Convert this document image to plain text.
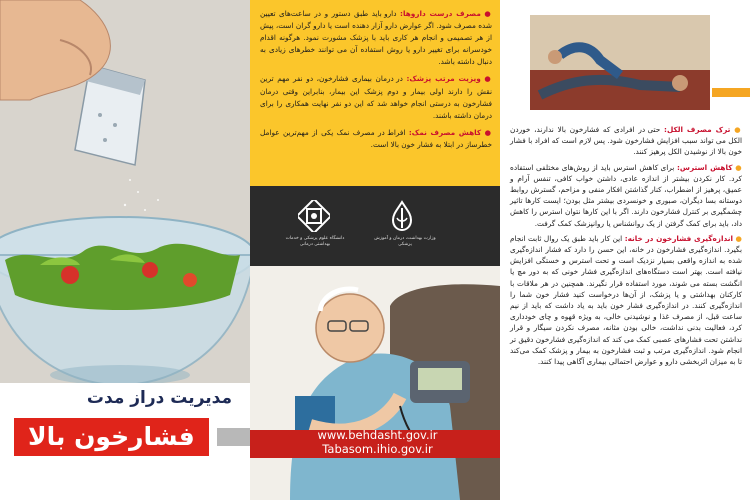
مدیریت دراز مدت
فشارخون بالا

● مصرف درست داروها: دارو باید طبق دستور و در ساعت‌های تعیین شده مصرف شود. اگر عوارض دارو آزار دهنده است یا دارو گران است، پیش از هر تصمیمی و انجام هر کاری باید با پزشک مشورت نمود. هرگونه اقدام خودسرانه برای تغییر دارو یا روش استفاده آن می توانند خطرهای زیادی به دنبال داشته باشد.

● ویزیت مرتب پزشک: در درمان بیماری فشارخون، دو نفر مهم ترین نقش را دارند اولی بیمار و دوم پزشک این بیمار، بنابراین وقتی درمان فشارخون به درستی انجام خواهد شد که این دو نفر نهایت همکاری را برای درمان داشته باشند.

● کاهش مصرف نمک: افراط در مصرف نمک یکی از مهم‌ترین عوامل خطرساز در ابتلا به فشار خون بالا است.

وزارت بهداشت، درمان و آموزش پزشکی
دانشگاه علوم پزشکی و خدمات بهداشتی درمانی
www.behdasht.gov.ir
Tabasom.ihio.gov.ir

● ترک مصرف الکل: حتی در افرادی که فشارخون بالا ندارند، خوردن الکل می تواند سبب افزایش فشارخون شود. پس لازم است که افراد با فشار خون بالا از نوشیدن الکل پرهیز کنند.

● کاهش استرس: برای کاهش استرس باید از روش‌های مختلفی استفاده کرد. کار نکردن بیشتر از اندازه عادی، داشتن خواب کافی، تنفس آرام و عمیق، پرهیز از اضطراب، کنار گذاشتن افکار منفی و مزاحم، گسترش روابط دوستانه بسا دیگران، صبوری و خونسردی بیشتر مثل بودن؛ ایست کارها تاثیر چشمگیری بر کنترل فشارخون دارند. اگر با این کارها نتوان استرس را کاهش داد، باید برای کمک گرفتن از یک روانشناس یا روانپزشک کمک گرفت.

● اندازه‌گیری فشارخون در خانه: این کار باید طبق یک روال ثابت انجام بگیرد. اندازه‌گیری فشارخون در خانه، این حسن را دارد که فشار اندازه‌گیری شده به اندازه واقعی بسیار نزدیک است و تحت استرس و خستگی افزایش نیافته است. بهتر است دستگاه‌های اندازه‌گیری فشار خونی که به دور مچ یا انگشت بسته می شوند، مورد استفاده قرار نگیرند. همچنین در هر ملاقات با کارکنان بهداشتی و یا پزشک، از آن‌ها درخواست کنید فشار خون شما را اندازه‌گیری کنند. در اندازه‌گیری فشار خون باید به یاد داشت که باید از نیم ساعت قبل، از مصرف غذا و نوشیدنی خالی، به ویژه قهوه و چای خودداری کرد، فعالیت بدنی نداشت، خالی بودن مثانه، مصرف نکردن سیگار و قرار نداشتن تحت فشارهای عصبی کمک می کند که اندازه‌گیری فشارخون دقیق تر انجام شود. اندازه‌گیری مرتب و ثبت فشارخون به بیمار و پزشک کمک می‌کند تا به میزان اثربخشی دارو و عوارض احتمالی بیماری آگاهی پیدا کنند.
